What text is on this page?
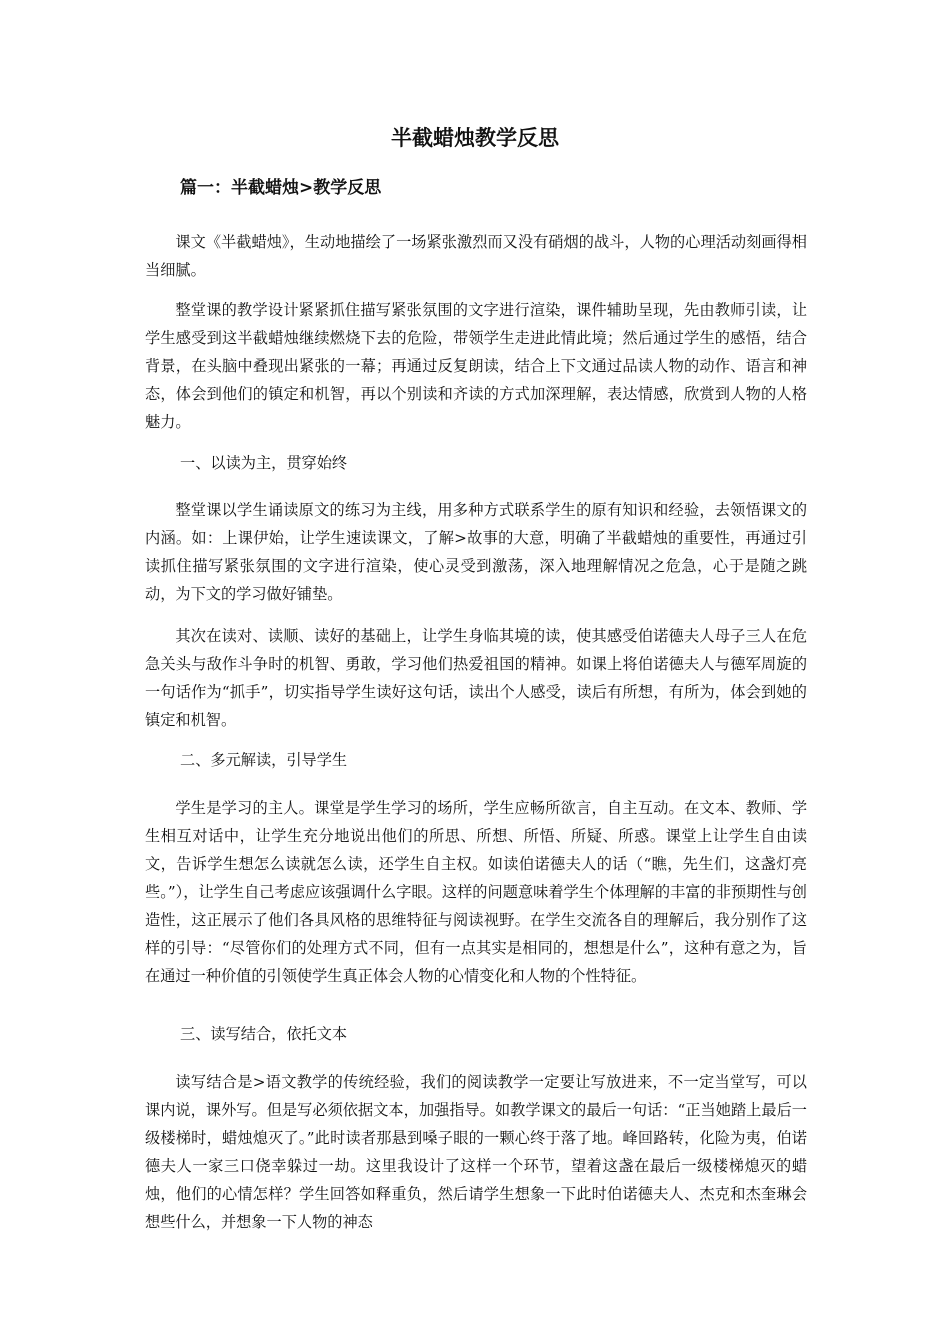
半截蜡烛教学反思
篇一：半截蜡烛>教学反思

课文《半截蜡烛》，生动地描绘了一场紧张激烈而又没有硝烟的战斗，人物的心理活动刻画得相当细腻。

整堂课的教学设计紧紧抓住描写紧张氛围的文字进行渲染，课件辅助呈现，先由教师引读，让学生感受到这半截蜡烛继续燃烧下去的危险，带领学生走进此情此境；然后通过学生的感悟，结合背景，在头脑中叠现出紧张的一幕；再通过反复朗读，结合上下文通过品读人物的动作、语言和神态，体会到他们的镇定和机智，再以个别读和齐读的方式加深理解，表达情感，欣赏到人物的人格魅力。

一、以读为主，贯穿始终

整堂课以学生诵读原文的练习为主线，用多种方式联系学生的原有知识和经验，去领悟课文的内涵。如：上课伊始，让学生速读课文，了解>故事的大意，明确了半截蜡烛的重要性，再通过引读抓住描写紧张氛围的文字进行渲染，使心灵受到激荡，深入地理解情况之危急，心于是随之跳动，为下文的学习做好铺垫。

其次在读对、读顺、读好的基础上，让学生身临其境的读，使其感受伯诺德夫人母子三人在危急关头与敌作斗争时的机智、勇敢，学习他们热爱祖国的精神。如课上将伯诺德夫人与德军周旋的一句话作为“抓手”，切实指导学生读好这句话，读出个人感受，读后有所想，有所为，体会到她的镇定和机智。

二、多元解读，引导学生

学生是学习的主人。课堂是学生学习的场所，学生应畅所欲言，自主互动。在文本、教师、学生相互对话中，让学生充分地说出他们的所思、所想、所悟、所疑、所惑。课堂上让学生自由读文，告诉学生想怎么读就怎么读，还学生自主权。如读伯诺德夫人的话（“瞧，先生们，这盏灯亮些。”），让学生自己考虑应该强调什么字眼。这样的问题意味着学生个体理解的丰富的非预期性与创造性，这正展示了他们各具风格的思维特征与阅读视野。在学生交流各自的理解后，我分别作了这样的引导：“尽管你们的处理方式不同，但有一点其实是相同的，想想是什么”，这种有意之为，旨在通过一种价值的引领使学生真正体会人物的心情变化和人物的个性特征。

三、读写结合，依托文本

读写结合是>语文教学的传统经验，我们的阅读教学一定要让写放进来，不一定当堂写，可以课内说，课外写。但是写必须依据文本，加强指导。如教学课文的最后一句话：“正当她踏上最后一级楼梯时，蜡烛熄灭了。”此时读者那悬到嗓子眼的一颗心终于落了地。峰回路转，化险为夷，伯诺德夫人一家三口侥幸躲过一劫。这里我设计了这样一个环节，望着这盏在最后一级楼梯熄灭的蜡烛，他们的心情怎样？学生回答如释重负，然后请学生想象一下此时伯诺德夫人、杰克和杰奎琳会想些什么，并想象一下人物的神态
